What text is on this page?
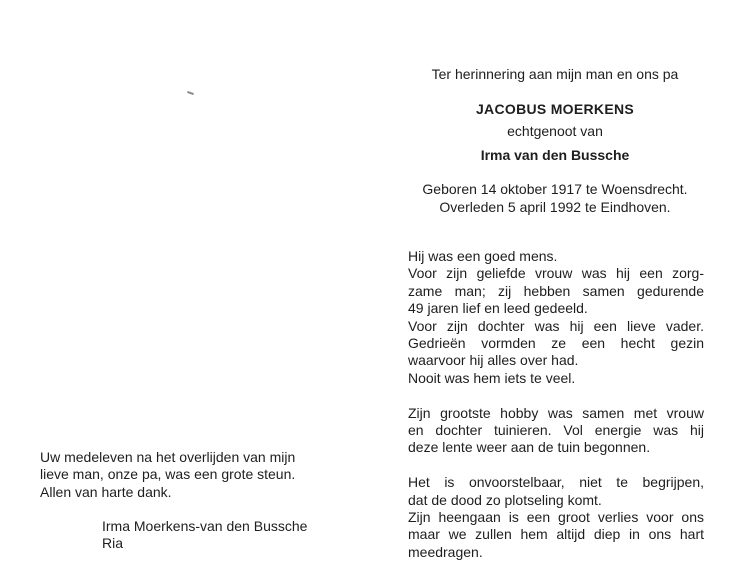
Uw medeleven na het overlijden van mijn
lieve man, onze pa, was een grote steun.
Allen van harte dank.
Irma Moerkens-van den Bussche
Ria
Ter herinnering aan mijn man en ons pa
JACOBUS MOERKENS
echtgenoot van
Irma van den Bussche
Geboren 14 oktober 1917 te Woensdrecht.
Overleden 5 april 1992 te Eindhoven.
Hij was een goed mens.
Voor zijn geliefde vrouw was hij een zorg-
zame man; zij hebben samen gedurende
49 jaren lief en leed gedeeld.
Voor zijn dochter was hij een lieve vader.
Gedrieën vormden ze een hecht gezin
waarvoor hij alles over had.
Nooit was hem iets te veel.
Zijn grootste hobby was samen met vrouw
en dochter tuinieren. Vol energie was hij
deze lente weer aan de tuin begonnen.
Het is onvoorstelbaar, niet te begrijpen,
dat de dood zo plotseling komt.
Zijn heengaan is een groot verlies voor ons
maar we zullen hem altijd diep in ons hart
meedragen.
